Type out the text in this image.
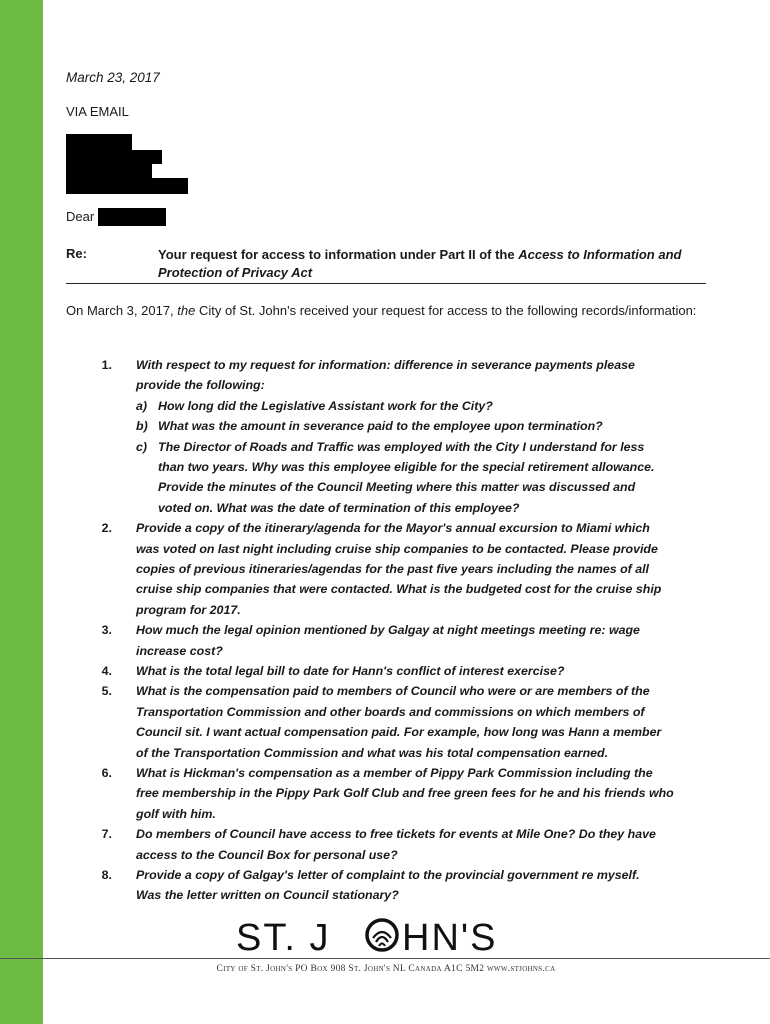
March 23, 2017
VIA EMAIL
Dear
Re:	Your request for access to information under Part II of the Access to Information and Protection of Privacy Act
On March 3, 2017, the City of St. John's received your request for access to the following records/information:
1. With respect to my request for information: difference in severance payments please
provide the following:
a) How long did the Legislative Assistant work for the City?
b) What was the amount in severance paid to the employee upon termination?
c) The Director of Roads and Traffic was employed with the City I understand for less
than two years. Why was this employee eligible for the special retirement allowance.
Provide the minutes of the Council Meeting where this matter was discussed and
voted on. What was the date of termination of this employee?
2. Provide a copy of the itinerary/agenda for the Mayor's annual excursion to Miami which
was voted on last night including cruise ship companies to be contacted. Please provide
copies of previous itineraries/agendas for the past five years including the names of all
cruise ship companies that were contacted. What is the budgeted cost for the cruise ship
program for 2017.
3. How much the legal opinion mentioned by Galgay at night meetings meeting re: wage
increase cost?
4. What is the total legal bill to date for Hann's conflict of interest exercise?
5. What is the compensation paid to members of Council who were or are members of the
Transportation Commission and other boards and commissions on which members of
Council sit. I want actual compensation paid. For example, how long was Hann a member
of the Transportation Commission and what was his total compensation earned.
6. What is Hickman's compensation as a member of Pippy Park Commission including the
free membership in the Pippy Park Golf Club and free green fees for he and his friends who
golf with him.
7. Do members of Council have access to free tickets for events at Mile One? Do they have
access to the Council Box for personal use?
8. Provide a copy of Galgay's letter of complaint to the provincial government re myself.
Was the letter written on Council stationary?
ST. J HN'S
City of St. John's PO Box 908 St. John's NL Canada A1C 5M2 www.stjohns.ca
